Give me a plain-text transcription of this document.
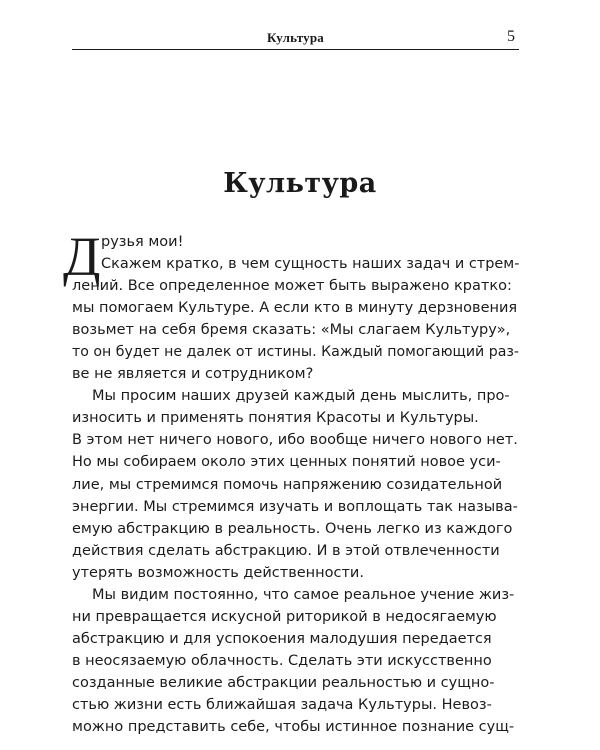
Культура	5
Культура
Д рузья мои!
Скажем кратко, в чем сущность наших задач и стрем-
лений. Все определенное может быть выражено кратко:
мы помогаем Культуре. А если кто в минуту дерзновения
возьмет на себя бремя сказать: «Мы слагаем Культуру»,
то он будет не далек от истины. Каждый помогающий раз-
ве не является и сотрудником?
Мы просим наших друзей каждый день мыслить, про-
износить и применять понятия Красоты и Культуры.
В этом нет ничего нового, ибо вообще ничего нового нет.
Но мы собираем около этих ценных понятий новое уси-
лие, мы стремимся помочь напряжению созидательной
энергии. Мы стремимся изучать и воплощать так называ-
емую абстракцию в реальность. Очень легко из каждого
действия сделать абстракцию. И в этой отвлеченности
утерять возможность действенности.
Мы видим постоянно, что самое реальное учение жиз-
ни превращается искусной риторикой в недосягаемую
абстракцию и для успокоения малодушия передается
в неосязаемую облачность. Сделать эти искусственно
созданные великие абстракции реальностью и сущно-
стью жизни есть ближайшая задача Культуры. Невоз-
можно представить себе, чтобы истинное познание сущ-
